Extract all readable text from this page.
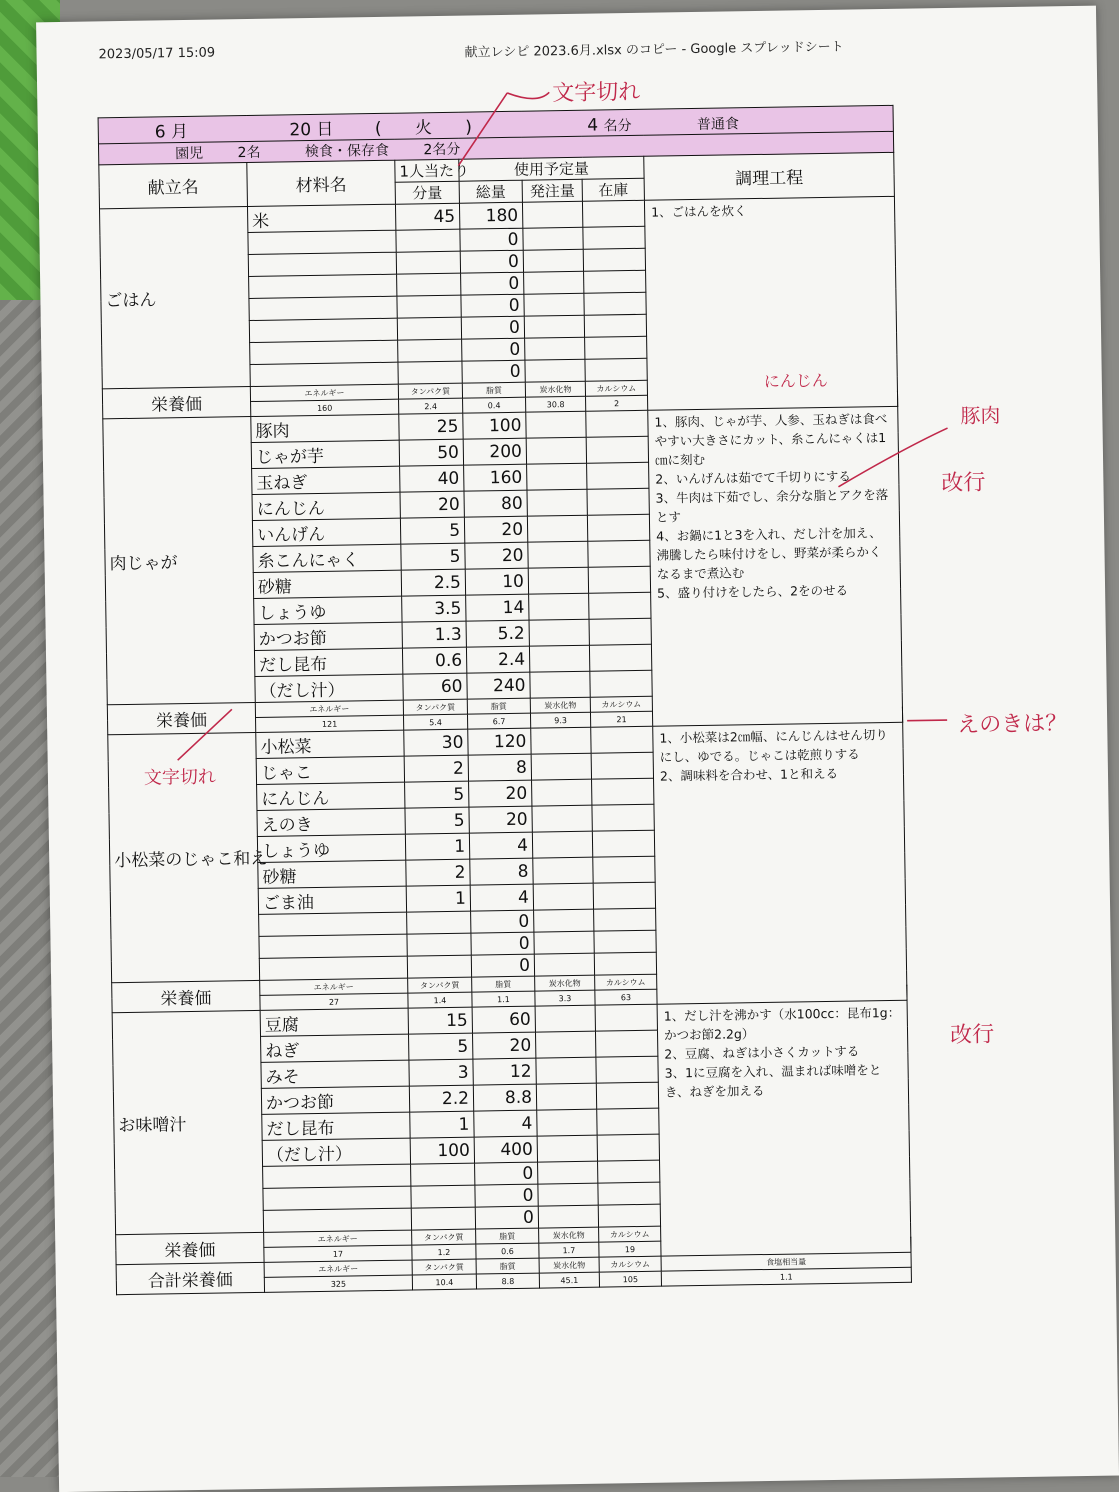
2023/05/17 15:09	献立レシピ 2023.6月.xlsx のコピー - Google スプレッドシート
6 月 20 日 ( 火 ) 4 名分 普通食							
園児 2名 検食・保存食 2名分							
献立名	材料名	1人当たり	使用予定量			調理工程	
		分量	総量	発注量	在庫		
ごはん	米	45	180			1、ごはんを炊く	

			0				
			0				
			0				
			0				
			0				
			0				
			0				
栄養価	エネルギー	タンパク質	脂質	炭水化物	カルシウム		
	160	2.4	0.4	30.8	2	
肉じゃが	豚肉	25	100			1、豚肉、じゃが芋、人参、玉ねぎは食べやすい大きさにカット、糸こんにゃくは1㎝に刻む
2、いんげんは茹でて千切りにする
3、牛肉は下茹でし、余分な脂とアクを落とす
4、お鍋に1と3を入れ、だし汁を加え、沸騰したら味付けをし、野菜が柔らかくなるまで煮込む
5、盛り付けをしたら、2をのせる	

	じゃが芋	50	200				
	玉ねぎ	40	160				
	にんじん	20	80				
	いんげん	5	20				
	糸こんにゃく	5	20				
	砂糖	2.5	10				
	しょうゆ	3.5	14				
	かつお節	1.3	5.2				
	だし昆布	0.6	2.4				
	（だし汁）	60	240				
栄養価	エネルギー	タンパク質	脂質	炭水化物	カルシウム		
	121	5.4	6.7	9.3	21	
小松菜のじゃこ和え	小松菜	30	120			1、小松菜は2㎝幅、にんじんはせん切りにし、ゆでる。じゃこは乾煎りする
2、調味料を合わせ、1と和える	

	じゃこ	2	8				
	にんじん	5	20				
	えのき	5	20				
	しょうゆ	1	4				
	砂糖	2	8				
	ごま油	1	4				
			0				
			0				
			0				
栄養価	エネルギー	タンパク質	脂質	炭水化物	カルシウム		
	27	1.4	1.1	3.3	63	
お味噌汁	豆腐	15	60			1、だし汁を沸かす（水100cc：昆布1g：かつお節2.2g）
2、豆腐、ねぎは小さくカットする
3、1に豆腐を入れ、温まれば味噌をとき、ねぎを加える	

	ねぎ	5	20				
	みそ	3	12				
	かつお節	2.2	8.8				
	だし昆布	1	4				
	（だし汁）	100	400				
			0				
			0				
			0				
栄養価	エネルギー	タンパク質	脂質	炭水化物	カルシウム		
	17	1.2	0.6	1.7	19	
合計栄養価	エネルギー	タンパク質	脂質	炭水化物	カルシウム	食塩相当量	
	325	10.4	8.8	45.1	105	1.1	
文字切れ
にんじん
豚肉
改行
えのきは？
文字切れ
改行
